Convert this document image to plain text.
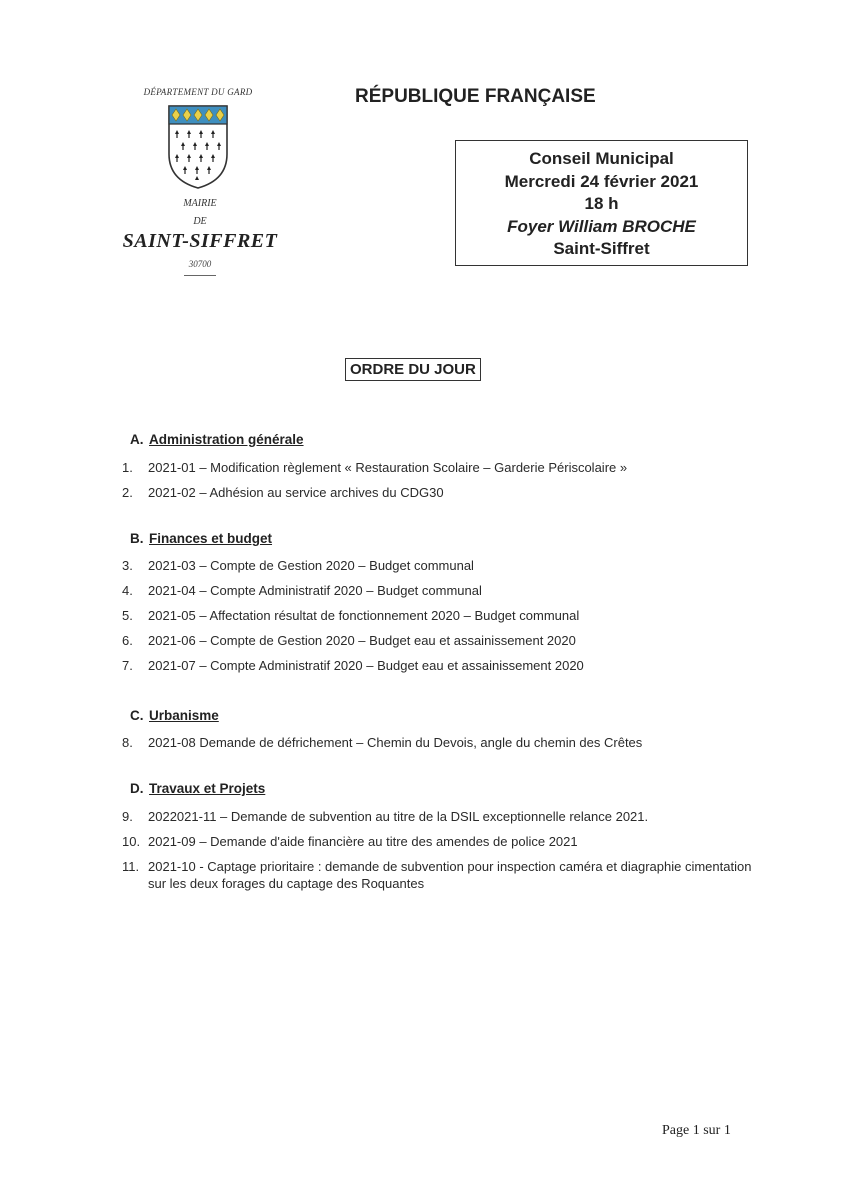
DÉPARTEMENT DU GARD
MAIRIE
DE
SAINT-SIFFRET
30700
RÉPUBLIQUE FRANÇAISE
Conseil Municipal
Mercredi 24 février 2021
18 h
Foyer William BROCHE
Saint-Siffret
ORDRE DU JOUR
A. Administration générale
1. 2021-01 – Modification règlement « Restauration Scolaire – Garderie Périscolaire »
2. 2021-02 – Adhésion au service archives du CDG30
B. Finances et budget
3. 2021-03 – Compte de Gestion 2020 – Budget communal
4. 2021-04 – Compte Administratif 2020 – Budget communal
5. 2021-05 – Affectation résultat de fonctionnement 2020 – Budget communal
6. 2021-06 – Compte de Gestion 2020 – Budget eau et assainissement 2020
7. 2021-07 – Compte Administratif 2020 – Budget eau et assainissement 2020
C. Urbanisme
8. 2021-08 Demande de défrichement – Chemin du Devois, angle du chemin des Crêtes
D. Travaux et Projets
9. 2022021-11 – Demande de subvention au titre de la DSIL exceptionnelle relance 2021.
10. 2021-09 – Demande d'aide financière au titre des amendes de police 2021
11. 2021-10 - Captage prioritaire : demande de subvention pour inspection caméra et diagraphie cimentation sur les deux forages du captage des Roquantes
Page 1 sur 1
